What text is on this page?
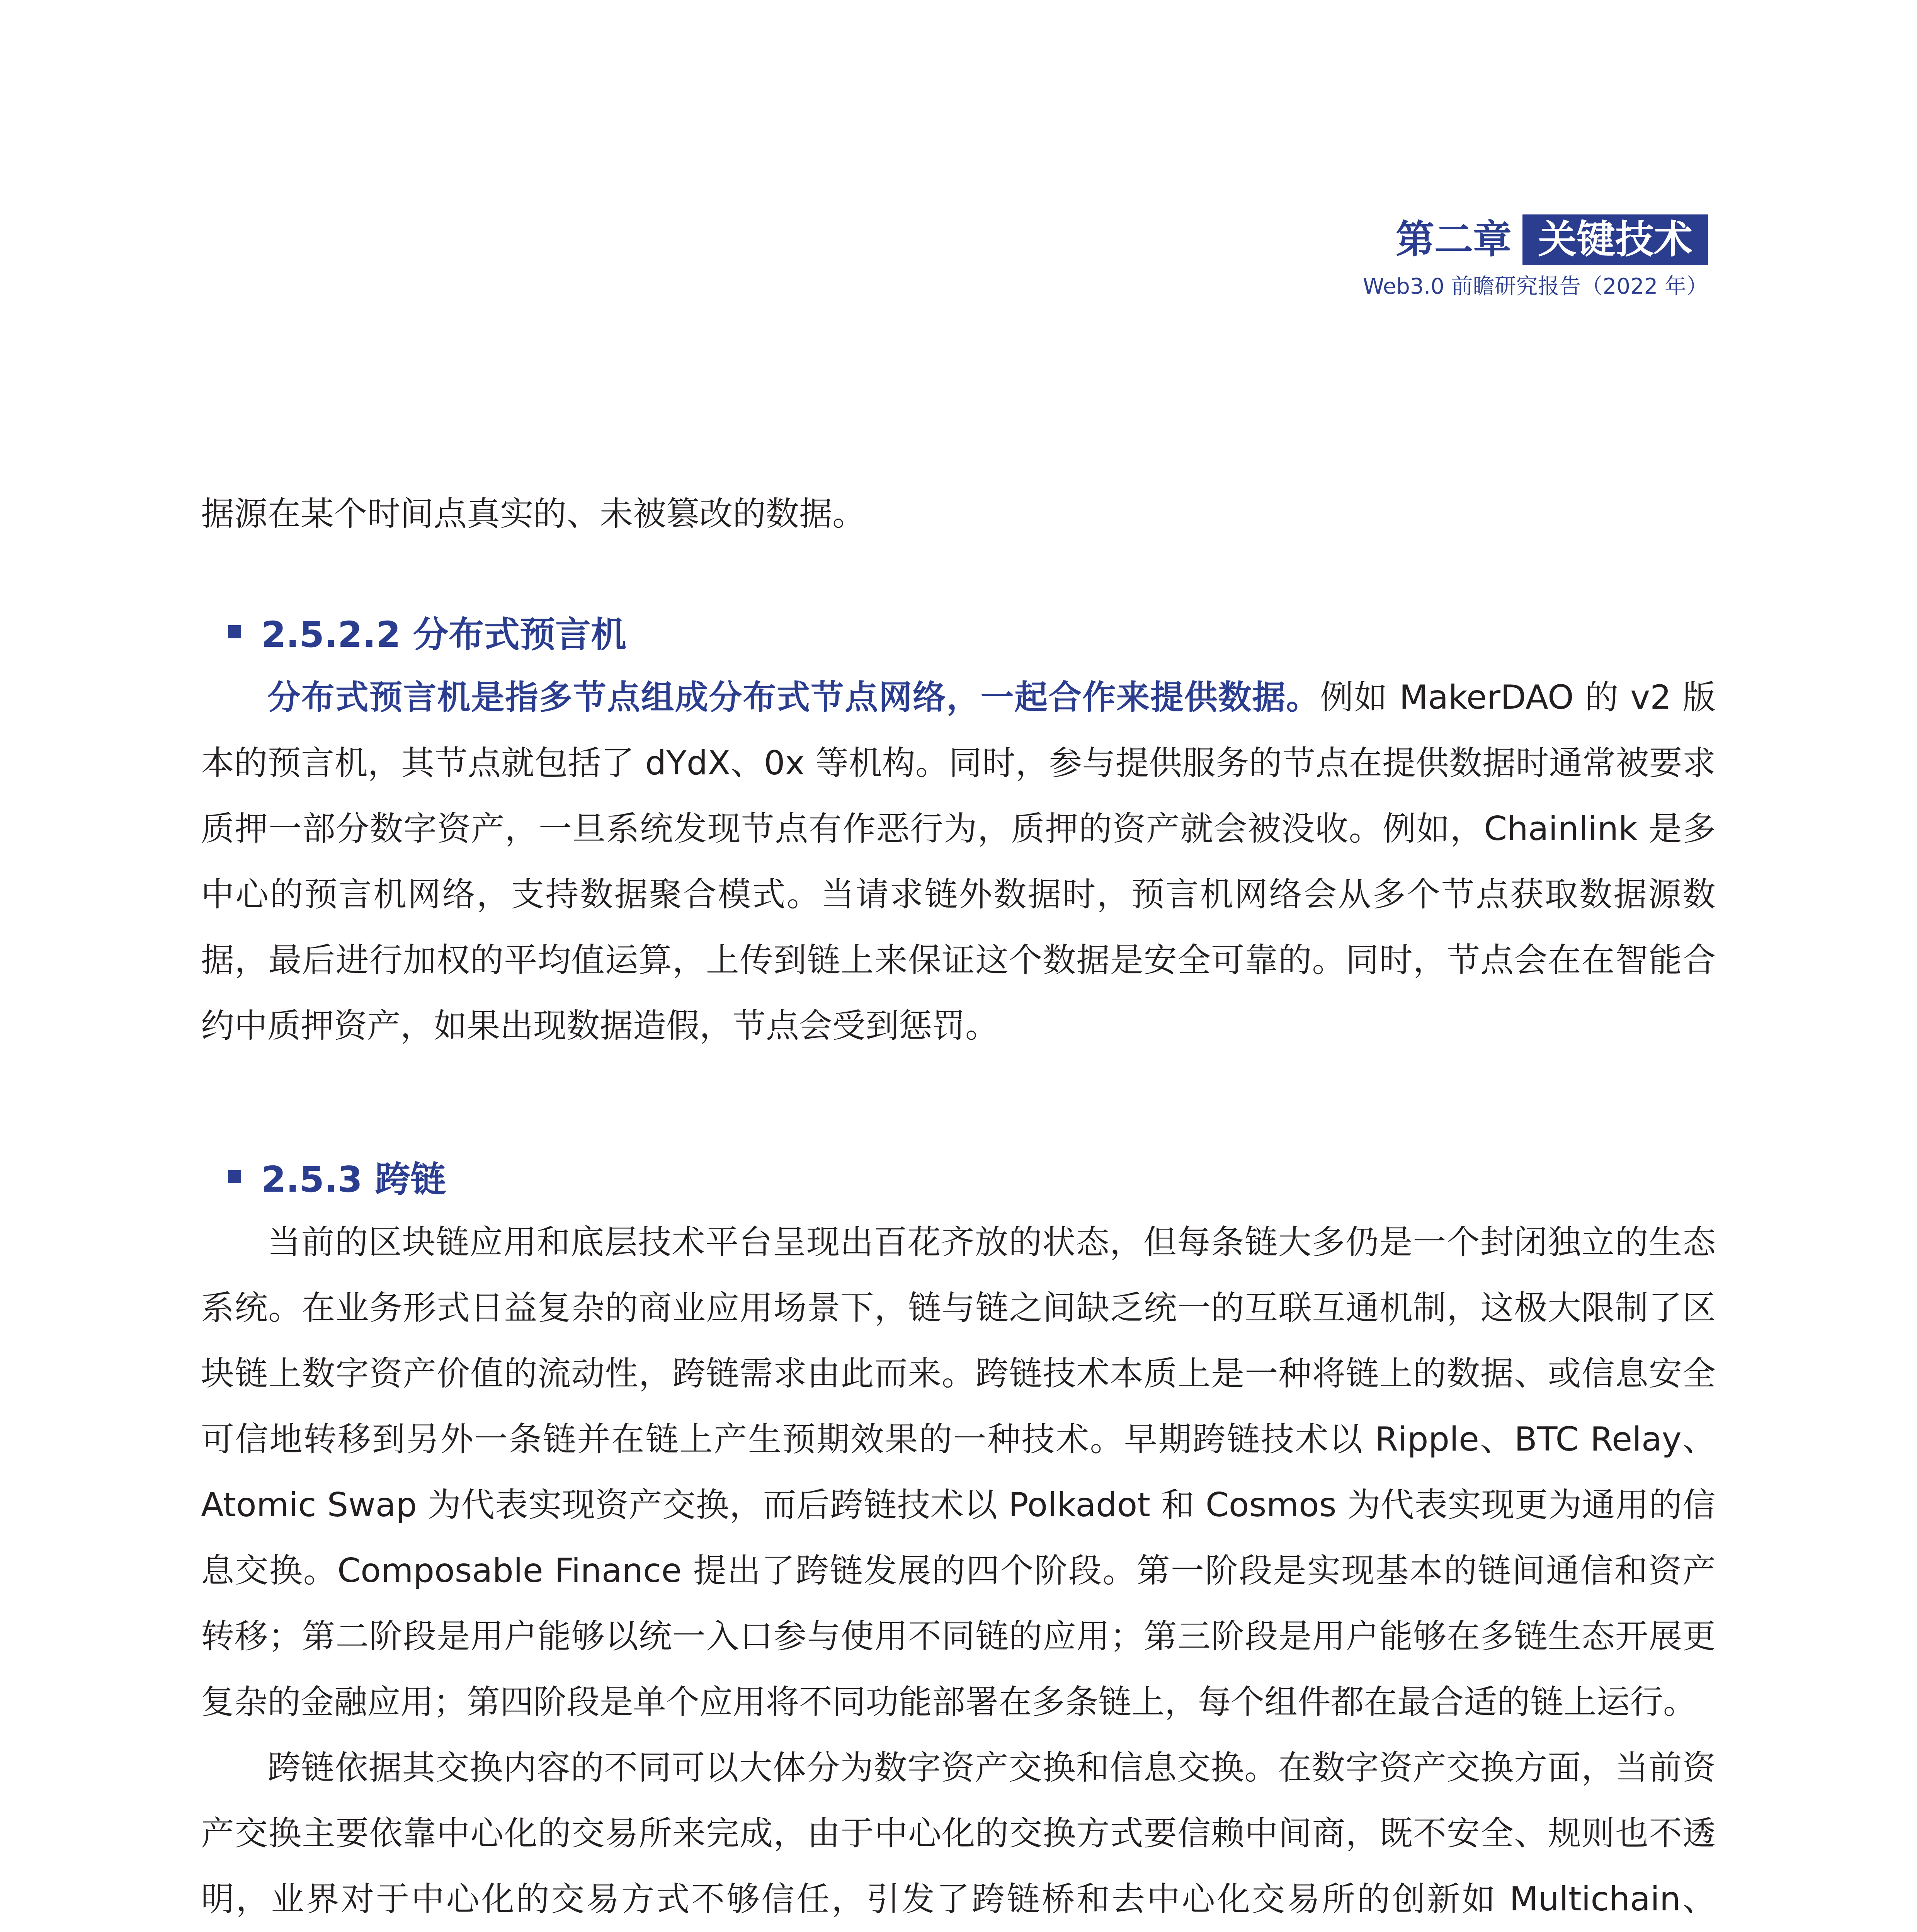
第二章 关键技术
Web3.0 前瞻研究报告（2022 年）

据源在某个时间点真实的、未被篡改的数据。

2.5.2.2 分布式预言机

分布式预言机是指多节点组成分布式节点网络，一起合作来提供数据。例如 MakerDAO 的 v2 版本的预言机，其节点就包括了 dYdX、0x 等机构。同时，参与提供服务的节点在提供数据时通常被要求质押一部分数字资产，一旦系统发现节点有作恶行为，质押的资产就会被没收。例如，Chainlink 是多中心的预言机网络，支持数据聚合模式。当请求链外数据时，预言机网络会从多个节点获取数据源数据，最后进行加权的平均值运算，上传到链上来保证这个数据是安全可靠的。同时，节点会在在智能合约中质押资产，如果出现数据造假，节点会受到惩罚。

2.5.3 跨链

当前的区块链应用和底层技术平台呈现出百花齐放的状态，但每条链大多仍是一个封闭独立的生态系统。在业务形式日益复杂的商业应用场景下，链与链之间缺乏统一的互联互通机制，这极大限制了区块链上数字资产价值的流动性，跨链需求由此而来。跨链技术本质上是一种将链上的数据、或信息安全可信地转移到另外一条链并在链上产生预期效果的一种技术。早期跨链技术以 Ripple、BTC Relay、Atomic Swap 为代表实现资产交换，而后跨链技术以 Polkadot 和 Cosmos 为代表实现更为通用的信息交换。Composable Finance 提出了跨链发展的四个阶段。第一阶段是实现基本的链间通信和资产转移；第二阶段是用户能够以统一入口参与使用不同链的应用；第三阶段是用户能够在多链生态开展更复杂的金融应用；第四阶段是单个应用将不同功能部署在多条链上，每个组件都在最合适的链上运行。

跨链依据其交换内容的不同可以大体分为数字资产交换和信息交换。在数字资产交换方面，当前资产交换主要依靠中心化的交易所来完成，由于中心化的交换方式要信赖中间商，既不安全、规则也不透明，业界对于中心化的交易方式不够信任，引发了跨链桥和去中心化交易所的创新如 Multichain、
